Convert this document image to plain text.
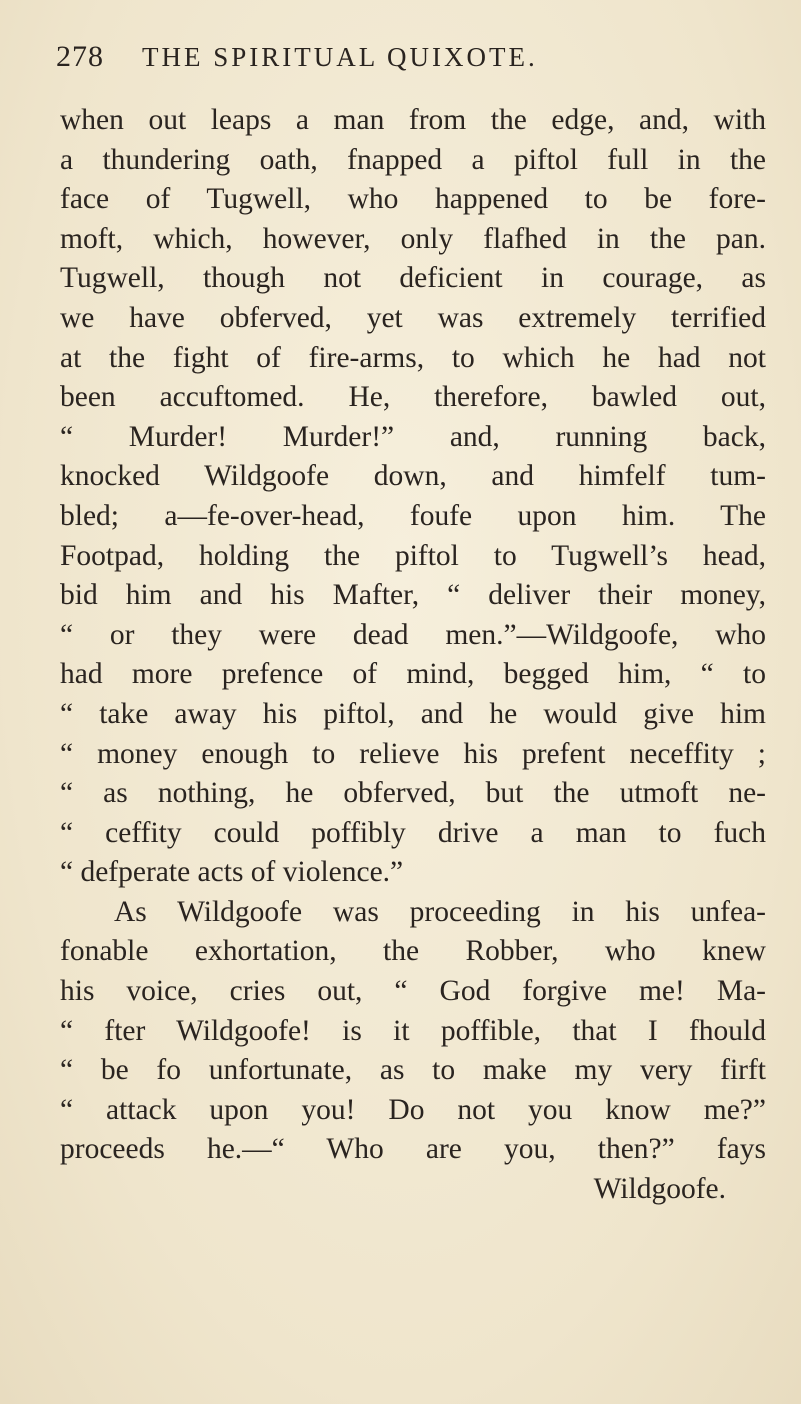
278 THE SPIRITUAL QUIXOTE.
when out leaps a man from the edge, and, with
a thundering oath, fnapped a piftol full in the
face of Tugwell, who happened to be fore-
moft, which, however, only flafhed in the pan.
Tugwell, though not deficient in courage, as
we have obferved, yet was extremely terrified
at the fight of fire-arms, to which he had not
been accuftomed. He, therefore, bawled out,
“ Murder! Murder!” and, running back,
knocked Wildgoofe down, and himfelf tum-
bled; a—fe-over-head, foufe upon him. The
Footpad, holding the piftol to Tugwell’s head,
bid him and his Mafter, “ deliver their money,
“ or they were dead men.”—Wildgoofe, who
had more prefence of mind, begged him, “ to
“ take away his piftol, and he would give him
“ money enough to relieve his prefent neceffity ;
“ as nothing, he obferved, but the utmoft ne-
“ ceffity could poffibly drive a man to fuch
“ defperate acts of violence.”
As Wildgoofe was proceeding in his unfea-
fonable exhortation, the Robber, who knew
his voice, cries out, “ God forgive me! Ma-
“ fter Wildgoofe! is it poffible, that I fhould
“ be fo unfortunate, as to make my very firft
“ attack upon you! Do not you know me?”
proceeds he.—“ Who are you, then?” fays
Wildgoofe.
